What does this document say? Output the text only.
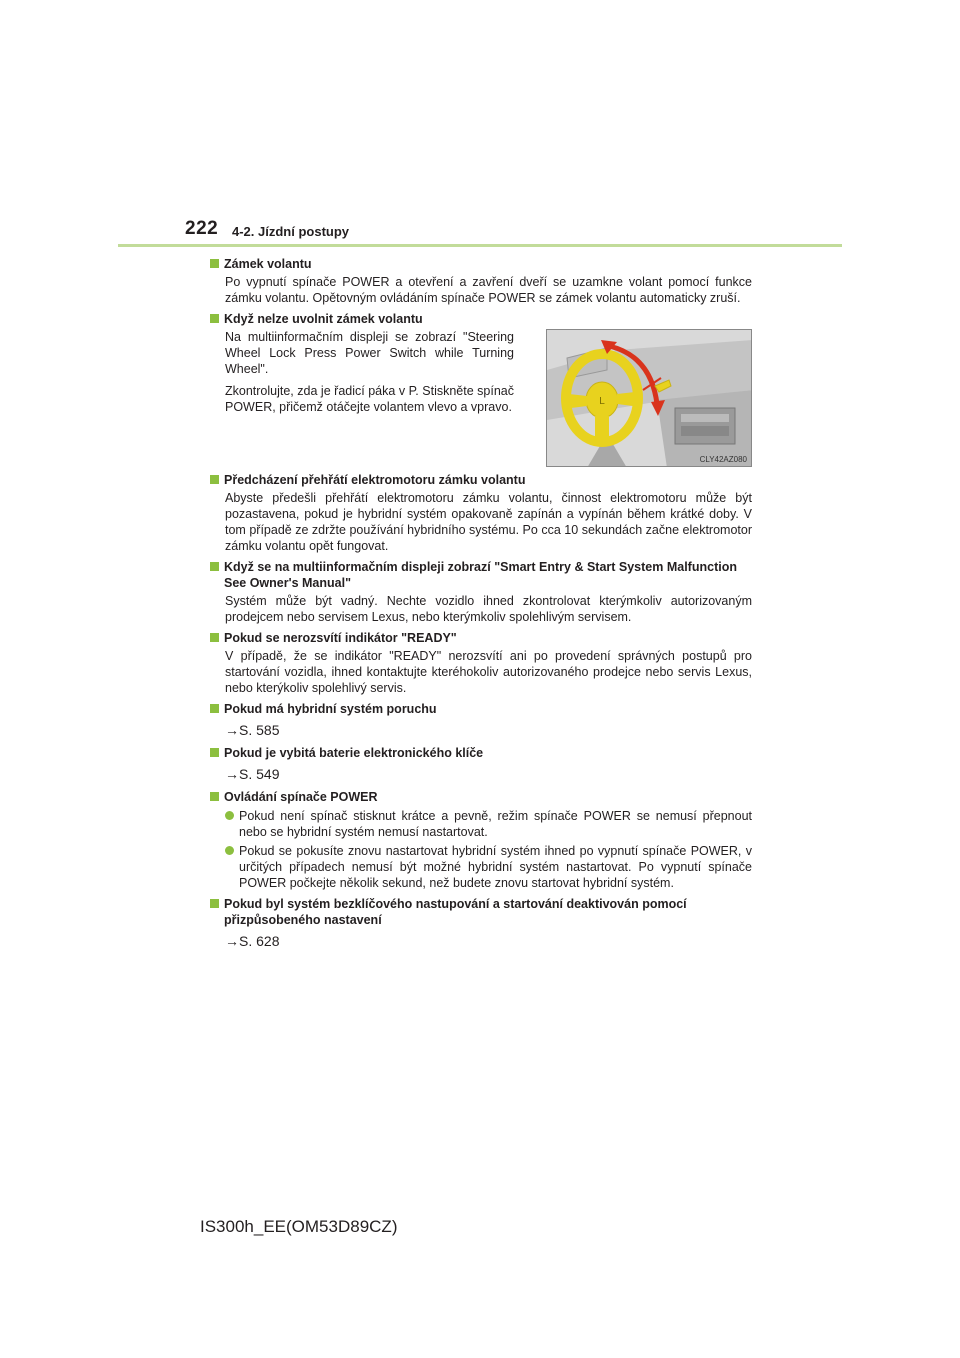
222 4-2. Jízdní postupy
Zámek volantu
Po vypnutí spínače POWER a otevření a zavření dveří se uzamkne volant pomocí funkce zámku volantu. Opětovným ovládáním spínače POWER se zámek volantu automaticky zruší.
Když nelze uvolnit zámek volantu

Na multiinformačním displeji se zobrazí "Steering Wheel Lock Press Power Switch while Turning Wheel".

Zkontrolujte, zda je řadicí páka v P. Stiskněte spínač POWER, přičemž otáčejte volantem vlevo a vpravo.	L
CLY42AZ080
Předcházení přehřátí elektromotoru zámku volantu
Abyste předešli přehřátí elektromotoru zámku volantu, činnost elektromotoru může být pozastavena, pokud je hybridní systém opakovaně zapínán a vypínán během krátké doby. V tom případě ze zdržte používání hybridního systému. Po cca 10 sekundách začne elektromotor zámku volantu opět fungovat.
Když se na multiinformačním displeji zobrazí "Smart Entry & Start System Malfunction See Owner's Manual"
Systém může být vadný. Nechte vozidlo ihned zkontrolovat kterýmkoliv autorizovaným prodejcem nebo servisem Lexus, nebo kterýmkoliv spolehlivým servisem.
Pokud se nerozsvítí indikátor "READY"
V případě, že se indikátor "READY" nerozsvítí ani po provedení správných postupů pro startování vozidla, ihned kontaktujte kteréhokoliv autorizovaného prodejce nebo servis Lexus, nebo kterýkoliv spolehlivý servis.
Pokud má hybridní systém poruchu
→S. 585
Pokud je vybitá baterie elektronického klíče
→S. 549
Ovládání spínače POWER
Pokud není spínač stisknut krátce a pevně, režim spínače POWER se nemusí přepnout nebo se hybridní systém nemusí nastartovat.
Pokud se pokusíte znovu nastartovat hybridní systém ihned po vypnutí spínače POWER, v určitých případech nemusí být možné hybridní systém nastartovat. Po vypnutí spínače POWER počkejte několik sekund, než budete znovu startovat hybridní systém.
Pokud byl systém bezklíčového nastupování a startování deaktivován pomocí přizpůsobeného nastavení
→S. 628
IS300h_EE(OM53D89CZ)
